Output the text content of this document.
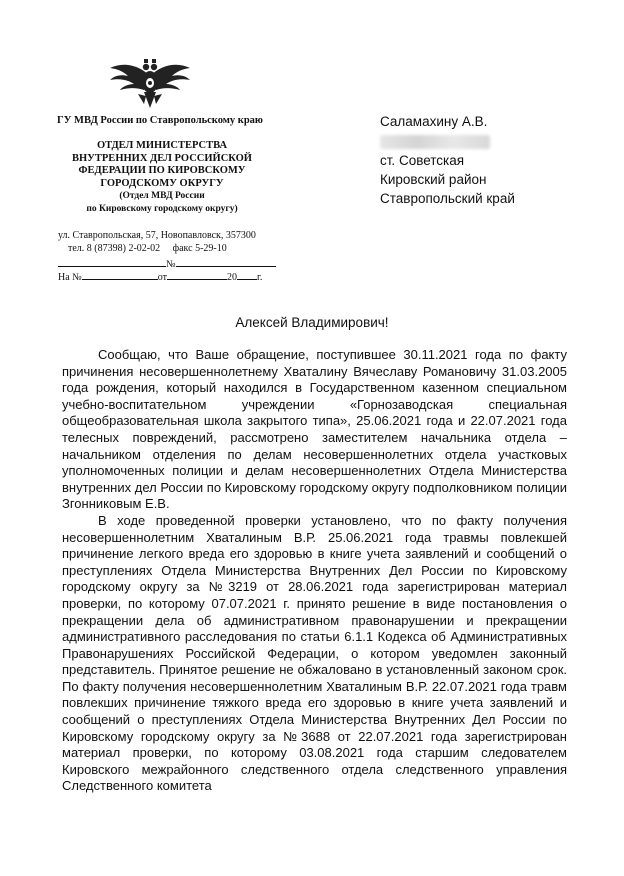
ГУ МВД России по Ставропольскому краю
ОТДЕЛ МИНИСТЕРСТВА
ВНУТРЕННИХ ДЕЛ РОССИЙСКОЙ
ФЕДЕРАЦИИ ПО КИРОВСКОМУ
ГОРОДСКОМУ ОКРУГУ
(Отдел МВД России
по Кировскому городскому округу)
ул. Ставропольская, 57, Новопавловск, 357300
тел. 8 (87398) 2-02-02 факс 5-29-10
№
На №	от	20 г.
Саламахину А.В.
ст. Советская
Кировский район
Ставропольский край
Алексей Владимирович!

Сообщаю, что Ваше обращение, поступившее 30.11.2021 года по факту причинения несовершеннолетнему Хваталину Вячеславу Романовичу 31.03.2005 года рождения, который находился в Государственном казенном специальном учебно-воспитательном учреждении «Горнозаводская специальная общеобразовательная школа закрытого типа», 25.06.2021 года и 22.07.2021 года телесных повреждений, рассмотрено заместителем начальника отдела – начальником отделения по делам несовершеннолетних отдела участковых уполномоченных полиции и делам несовершеннолетних Отдела Министерства внутренних дел России по Кировскому городскому округу подполковником полиции Згонниковым Е.В.

В ходе проведенной проверки установлено, что по факту получения несовершеннолетним Хваталиным В.Р. 25.06.2021 года травмы повлекшей причинение легкого вреда его здоровью в книге учета заявлений и сообщений о преступлениях Отдела Министерства Внутренних Дел России по Кировскому городскому округу за №3219 от 28.06.2021 года зарегистрирован материал проверки, по которому 07.07.2021 г. принято решение в виде постановления о прекращении дела об административном правонарушении и прекращении административного расследования по статьи 6.1.1 Кодекса об Административных Правонарушениях Российской Федерации, о котором уведомлен законный представитель. Принятое решение не обжаловано в установленный законом срок. По факту получения несовершеннолетним Хваталиным В.Р. 22.07.2021 года травм повлекших причинение тяжкого вреда его здоровью в книге учета заявлений и сообщений о преступлениях Отдела Министерства Внутренних Дел России по Кировскому городскому округу за №3688 от 22.07.2021 года зарегистрирован материал проверки, по которому 03.08.2021 года старшим следователем Кировского межрайонного следственного отдела следственного управления Следственного комитета
